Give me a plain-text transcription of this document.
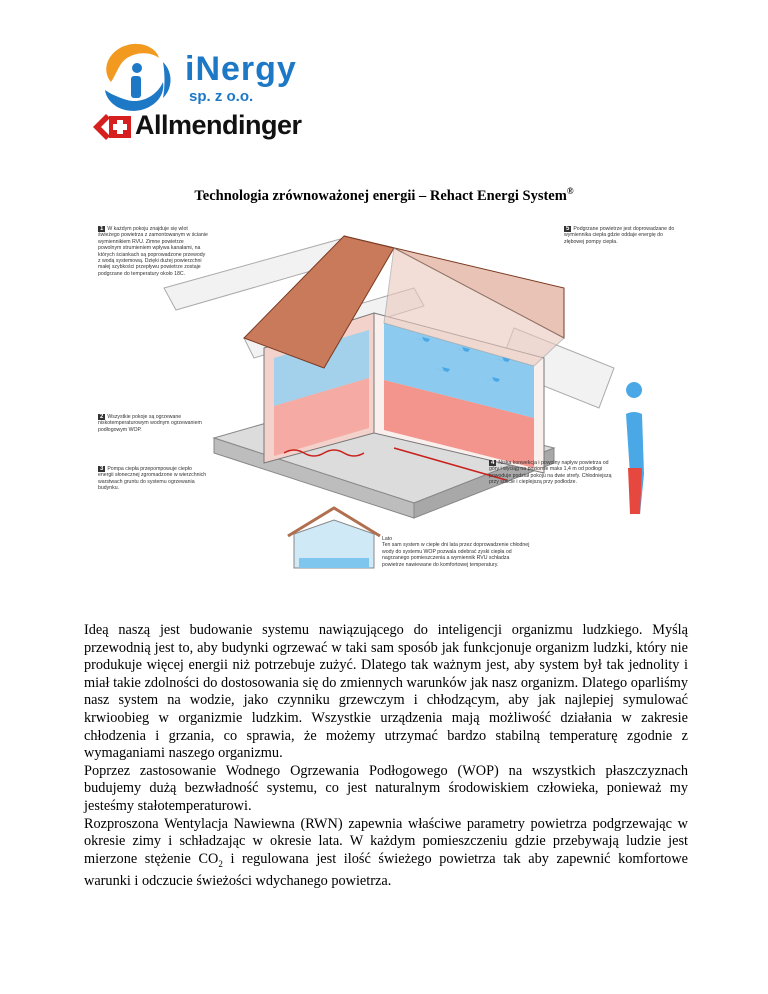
iNergy
sp. z o.o.
Allmendinger
Technologia zrównoważonej energii – Rehact Energi System®
1 W każdym pokoju znajduje się wlot świeżego powietrza z zamontowanym w ścianie wymiennikiem RVU. Zimne powietrze powolnym strumieniem wpływa kanałami, na których ściankach są poprowadzone przewody z wodą systemową. Dzięki dużej powierzchni małej szybkości przepływu powietrze zostaje podgrzane do temperatury około 18C.
5 Podgrzane powietrze jest doprowadzane do wymiennika ciepła gdzie oddaje energię do złębowej pompy ciepła.
2 Wszystkie pokoje są ogrzewane niskotemperaturowym wodnym ogrzewaniem podłogowym WOP.
3 Pompa ciepła przepompowuje ciepło energii słonecznej zgromadzone w wierzchnich warstwach gruntu do systemu ogrzewania budynku.
4 Niska konwekcja i powolny napływ powietrza od góry i wyciąg na poziomie maks 1,4 m od podłogi powoduje podział pokoju na dwie strefy. Chłodniejszą przy suficie i cieplejszą przy podłodze.
Lato
Ten sam system w ciepłe dni lata przez doprowadzenie chłodnej wody do systemu WOP pozwala odebrać zyski ciepła od nagrzanego pomieszczenia a wymiennik RVU schładza powietrze nawiewane do komfortowej temperatury.

Ideą naszą jest budowanie systemu nawiązującego do inteligencji organizmu ludzkiego. Myślą przewodnią jest to, aby budynki ogrzewać w taki sam sposób jak funkcjonuje organizm ludzki, który nie produkuje więcej energii niż potrzebuje zużyć. Dlatego tak ważnym jest, aby system był tak jednolity i miał takie zdolności do dostosowania się do zmiennych warunków jak nasz organizm. Dlatego oparliśmy nasz system na wodzie, jako czynniku grzewczym i chłodzącym, aby jak najlepiej symulować krwioobieg w organizmie ludzkim. Wszystkie urządzenia mają możliwość działania w zakresie chłodzenia i grzania, co sprawia, że możemy utrzymać bardzo stabilną temperaturę zgodnie z wymaganiami naszego organizmu.

Poprzez zastosowanie Wodnego Ogrzewania Podłogowego (WOP) na wszystkich płaszczyznach budujemy dużą bezwładność systemu, co jest naturalnym środowiskiem człowieka, ponieważ my jesteśmy stałotemperaturowi.

Rozproszona Wentylacja Nawiewna (RWN) zapewnia właściwe parametry powietrza podgrzewając w okresie zimy i schładzając w okresie lata. W każdym pomieszczeniu gdzie przebywają ludzie jest mierzone stężenie $CO_2$ i regulowana jest ilość świeżego powietrza tak aby zapewnić komfortowe warunki i odczucie świeżości wdychanego powietrza.
